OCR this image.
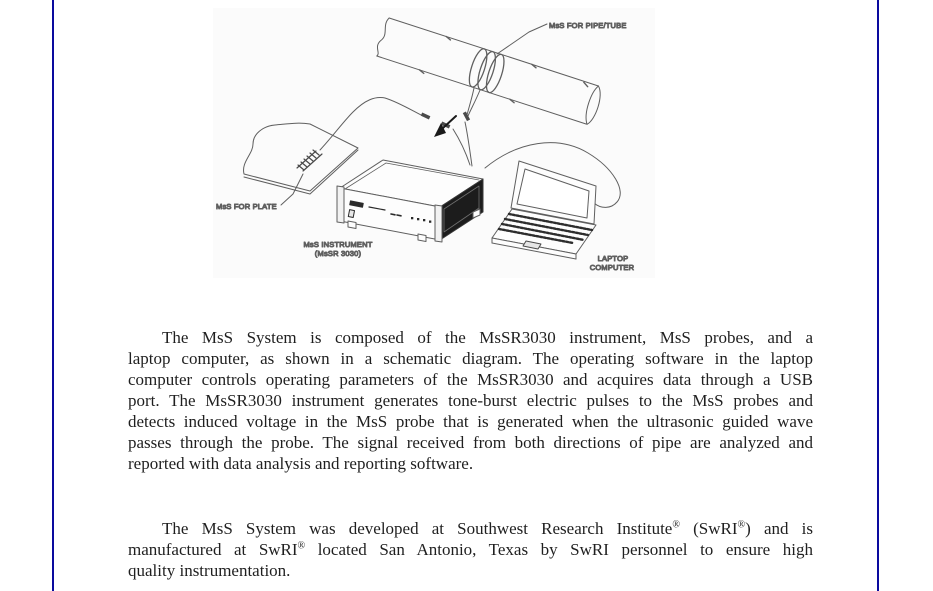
MsS FOR PIPE/TUBE
MsS FOR PLATE
MsS INSTRUMENT
(MsSR 3030)
LAPTOP
COMPUTER
The MsS System is composed of the MsSR3030 instrument, MsS probes, and a
laptop computer, as shown in a schematic diagram. The operating software in the laptop
computer controls operating parameters of the MsSR3030 and acquires data through a USB
port. The MsSR3030 instrument generates tone-burst electric pulses to the MsS probes and
detects induced voltage in the MsS probe that is generated when the ultrasonic guided wave
passes through the probe. The signal received from both directions of pipe are analyzed and
reported with data analysis and reporting software.
The MsS System was developed at Southwest Research Institute® (SwRI®) and is
manufactured at SwRI® located San Antonio, Texas by SwRI personnel to ensure high
quality instrumentation.
